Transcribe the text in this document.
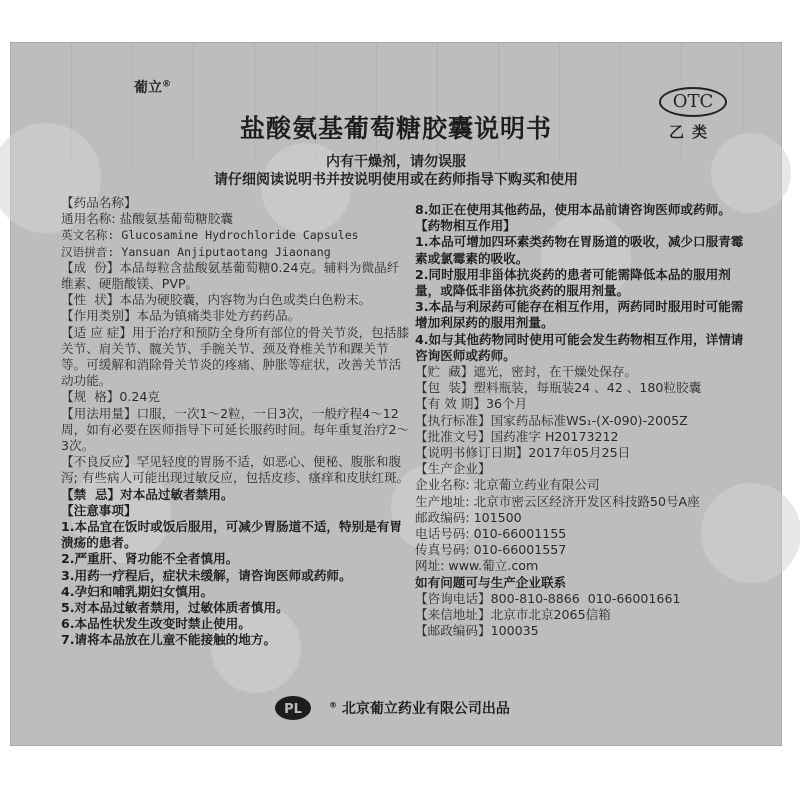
葡立®
盐酸氨基葡萄糖胶囊说明书
OTC
乙类
内有干燥剂，请勿误服
请仔细阅读说明书并按说明使用或在药师指导下购买和使用

【药品名称】

通用名称: 盐酸氨基葡萄糖胶囊

英文名称: Glucosamine Hydrochloride Capsules

汉语拼音: Yansuan Anjiputaotang Jiaonang

【成  份】本品每粒含盐酸氨基葡萄糖0.24克。辅料为微晶纤维素、硬脂酸镁、PVP。

【性  状】本品为硬胶囊，内容物为白色或类白色粉末。

【作用类别】本品为镇痛类非处方药药品。

【适 应 症】用于治疗和预防全身所有部位的骨关节炎，包括膝关节、肩关节、髋关节、手腕关节、颈及脊椎关节和踝关节等。可缓解和消除骨关节炎的疼痛、肿胀等症状，改善关节活动功能。

【规  格】0.24克

【用法用量】口服，一次1～2粒，一日3次，一般疗程4～12周，如有必要在医师指导下可延长服药时间。每年重复治疗2～3次。

【不良反应】罕见轻度的胃肠不适，如恶心、便秘、腹胀和腹泻; 有些病人可能出现过敏反应，包括皮疹、瘙痒和皮肤红斑。

【禁  忌】对本品过敏者禁用。

【注意事项】

1.本品宜在饭时或饭后服用，可减少胃肠道不适，特别是有胃溃疡的患者。

2.严重肝、肾功能不全者慎用。

3.用药一疗程后，症状未缓解，请咨询医师或药师。

4.孕妇和哺乳期妇女慎用。

5.对本品过敏者禁用，过敏体质者慎用。

6.本品性状发生改变时禁止使用。

7.请将本品放在儿童不能接触的地方。

8.如正在使用其他药品，使用本品前请咨询医师或药师。

【药物相互作用】

1.本品可增加四环素类药物在胃肠道的吸收，减少口服青霉素或氯霉素的吸收。

2.同时服用非甾体抗炎药的患者可能需降低本品的服用剂量，或降低非甾体抗炎药的服用剂量。

3.本品与利尿药可能存在相互作用，两药同时服用时可能需增加利尿药的服用剂量。

4.如与其他药物同时使用可能会发生药物相互作用，详情请咨询医师或药师。

【贮  藏】遮光，密封，在干燥处保存。

【包  装】塑料瓶装，每瓶装24 、42 、180粒胶囊

【有 效 期】36个月

【执行标准】国家药品标准WS₁-(X-090)-2005Z

【批准文号】国药准字 H20173212

【说明书修订日期】2017年05月25日

【生产企业】

企业名称: 北京葡立药业有限公司

生产地址: 北京市密云区经济开发区科技路50号A座

邮政编码: 101500

电话号码: 010-66001155

传真号码: 010-66001557

网址: www.葡立.com

如有问题可与生产企业联系

【咨询电话】800-810-8866  010-66001661

【来信地址】北京市北京2065信箱

【邮政编码】100035

PL	® 北京葡立药业有限公司出品
